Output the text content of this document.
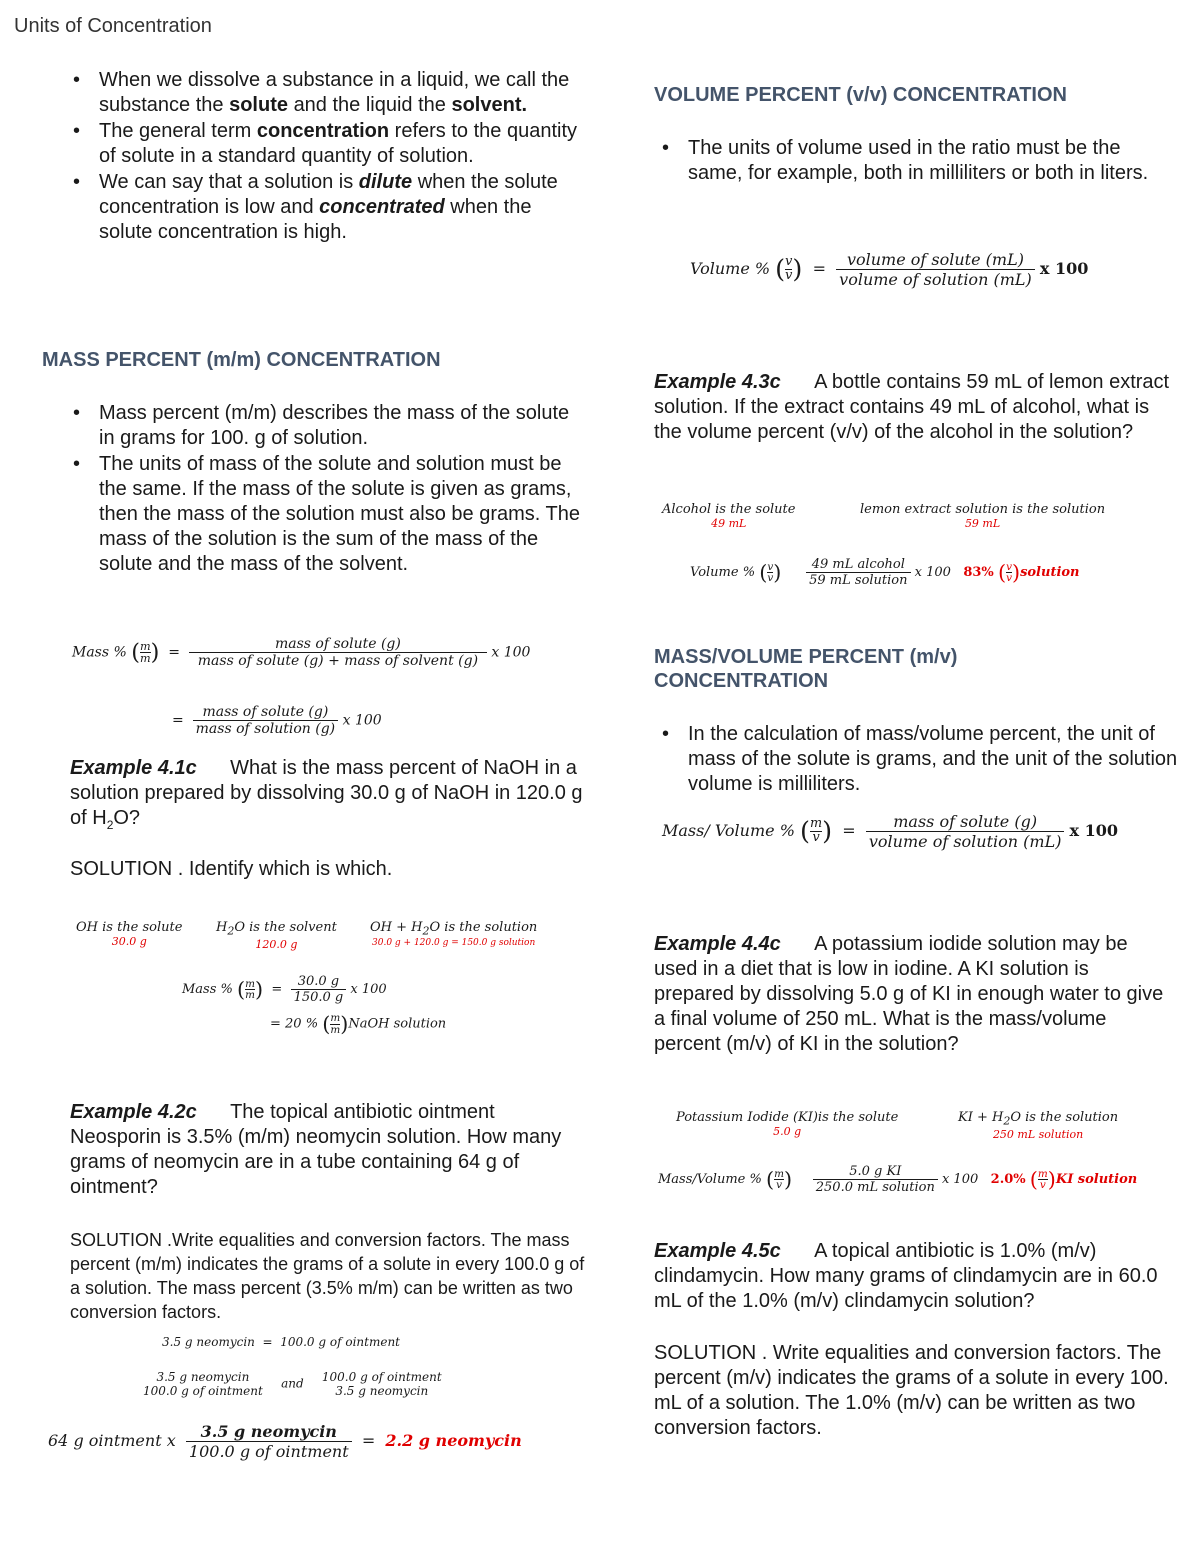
Units of Concentration
• When we dissolve a substance in a liquid, we call the substance the solute and the liquid the solvent.
• The general term concentration refers to the quantity of solute in a standard quantity of solution.
• We can say that a solution is dilute when the solute concentration is low and concentrated when the solute concentration is high.
MASS PERCENT (m/m) CONCENTRATION
• Mass percent (m/m) describes the mass of the solute in grams for 100. g of solution.
• The units of mass of the solute and solution must be the same. If the mass of the solute is given as grams, then the mass of the solution must also be grams. The mass of the solution is the sum of the mass of the solute and the mass of the solvent.
Mass % ( $\frac{m}{m}$ ) = $\frac{\text{mass of solute (g)}}{\text{mass of solute (g) + mass of solvent (g)}}$ x 100
= $\frac{\text{mass of solute (g)}}{\text{mass of solution (g)}}$ x 100
Example 4.1c What is the mass percent of NaOH in a solution prepared by dissolving 30.0 g of NaOH in 120.0 g of $H_2O$?
SOLUTION . Identify which is which.
OH is the solute
30.0 g
$H_2O$ is the solvent
120.0 g
OH + $H_2O$ is the solution
30.0 g + 120.0 g = 150.0 g solution
Mass % ( $\frac{m}{m}$ ) = $\frac{30.0 g}{150.0 g}$ x 100
= 20 % ( $\frac{m}{m}$ )NaOH solution
Example 4.2c The topical antibiotic ointment Neosporin is 3.5% (m/m) neomycin solution. How many grams of neomycin are in a tube containing 64 g of ointment?
SOLUTION .Write equalities and conversion factors. The mass percent (m/m) indicates the grams of a solute in every 100.0 g of a solution. The mass percent (3.5% m/m) can be written as two conversion factors.
3.5 g neomycin  =  100.0 g of ointment
3.5 g neomycin
100.0 g of ointment
and 100.0 g of ointment
3.5 g neomycin
64 g ointment x $\frac{\text{3.5 g neomycin}}{\text{100.0 g of ointment}} = 2.2$ g neomycin
VOLUME PERCENT (v/v) CONCENTRATION
• The units of volume used in the ratio must be the same, for example, both in milliliters or both in liters.
Volume % ( $\frac{v}{v}$ ) = $\frac{\text{volume of solute (mL)}}{\text{volume of solution (mL)}}$ x 100
Example 4.3c A bottle contains 59 mL of lemon extract solution. If the extract contains 49 mL of alcohol, what is the volume percent (v/v) of the alcohol in the solution?
Alcohol is the solute
49 mL
lemon extract solution is the solution
59 mL
Volume % ( $\frac{v}{v}$ ) $\frac{\text{49 mL alcohol}}{\text{59 mL solution}}$ x 100 83% ( $\frac{v}{v}$ )solution
MASS/VOLUME PERCENT (m/v) CONCENTRATION
• In the calculation of mass/volume percent, the unit of mass of the solute is grams, and the unit of the solution volume is milliliters.
Mass/ Volume % ( $\frac{m}{v}$ ) = $\frac{\text{mass of solute (g)}}{\text{volume of solution (mL)}}$ x 100
Example 4.4c A potassium iodide solution may be used in a diet that is low in iodine. A KI solution is prepared by dissolving 5.0 g of KI in enough water to give a final volume of 250 mL. What is the mass/volume percent (m/v) of KI in the solution?
Potassium Iodide (KI)is the solute
5.0 g
KI + $H_2O$ is the solution
250 mL solution
Mass/Volume % ( $\frac{m}{v}$ ) $\frac{\text{5.0 g KI}}{\text{250.0 mL solution}}$ x 100 2.0% ( $\frac{m}{v} )KI$ solution
Example 4.5c A topical antibiotic is 1.0% (m/v) clindamycin. How many grams of clindamycin are in 60.0 mL of the 1.0% (m/v) clindamycin solution?
SOLUTION . Write equalities and conversion factors. The percent (m/v) indicates the grams of a solute in every 100. mL of a solution. The 1.0% (m/v) can be written as two conversion factors.
